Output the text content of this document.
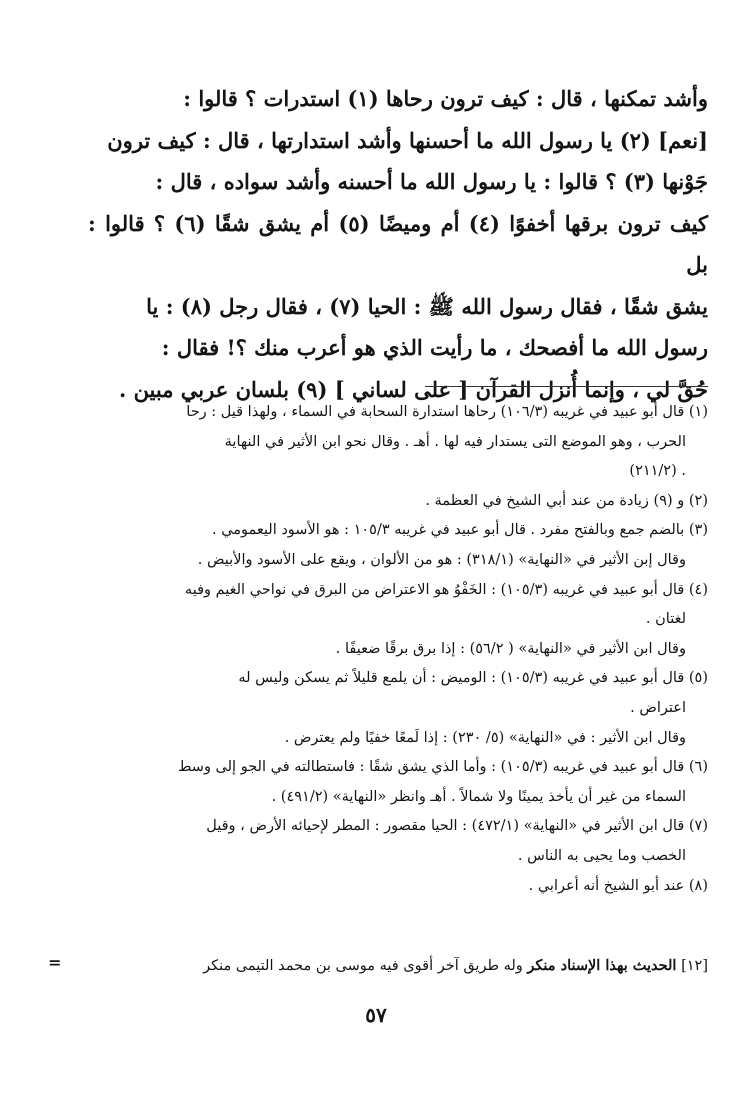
وأشد تمكنها ، قال : كيف ترون رحاها (١) استدرات ؟ قالوا :

[نعم] (٢) يا رسول الله ما أحسنها وأشد استدارتها ، قال : كيف ترون

جَوْنها (٣) ؟ قالوا : يا رسول الله ما أحسنه وأشد سواده ، قال :

كيف ترون برقها أخفوًا (٤) أم وميضًا (٥) أم يشق شقًا (٦) ؟ قالوا : بل

يشق شقًا ، فقال رسول الله ﷺ : الحيا (٧) ، فقال رجل (٨) : يا

رسول الله ما أفصحك ، ما رأيت الذي هو أعرب منك ؟! فقال :

حُقَّ لي ، وإنما أُنزل القرآن [ على لساني ] (٩) بلسان عربي مبين .

(١) قال أبو عبيد في غريبه (١٠٦/٣) رحاها استدارة السحابة في السماء ، ولهذا قيل : رحا

الحرب ، وهو الموضع التى يستدار فيه لها . أهـ . وقال نحو ابن الأثير في النهاية

. (٢١١/٢)

(٢) و (٩) زيادة من عند أبي الشيخ في العظمة .

(٣) بالضم جمع وبالفتح مفرد . قال أبو عبيد في غريبه ١٠٥/٣ : هو الأسود اليعمومي .

وقال إبن الأثير في «النهاية» (٣١٨/١) : هو من الألوان ، ويقع على الأسود والأبيض .

(٤) قال أبو عبيد في غريبه (١٠٥/٣) : الخَفْوُ هو الاعتراض من البرق في نواحي الغيم وفيه

لغتان .

وقال ابن الأثير في «النهاية» ( ٥٦/٢) : إذا برق برقًا ضعيفًا .

(٥) قال أبو عبيد في غريبه (١٠٥/٣) : الوميض : أن يلمع قليلاً ثم يسكن وليس له

اعتراض .

وقال ابن الأثير : في «النهاية» (٥/ ٢٣٠) : إذا لَمعًا خفيًا ولم يعترض .

(٦) قال أبو عبيد في غريبه (١٠٥/٣) : وأما الذي يشق شقًا : فاستطالته في الجو إلى وسط

السماء من غير أن يأخذ يمينًا ولا شمالاً . أهـ وانظر «النهاية» (٤٩١/٢) .

(٧) قال ابن الأثير في «النهاية» (٤٧٢/١) : الحيا مقصور : المطر لإحيائه الأرض ، وقيل

الخصب وما يحيى به الناس .

(٨) عند أبو الشيخ أنه أعرابي .

[١٢] الحديث بهذا الإسناد منكر وله طريق آخر أقوى فيه موسى بن محمد التيمى منكر
=
٥٧
